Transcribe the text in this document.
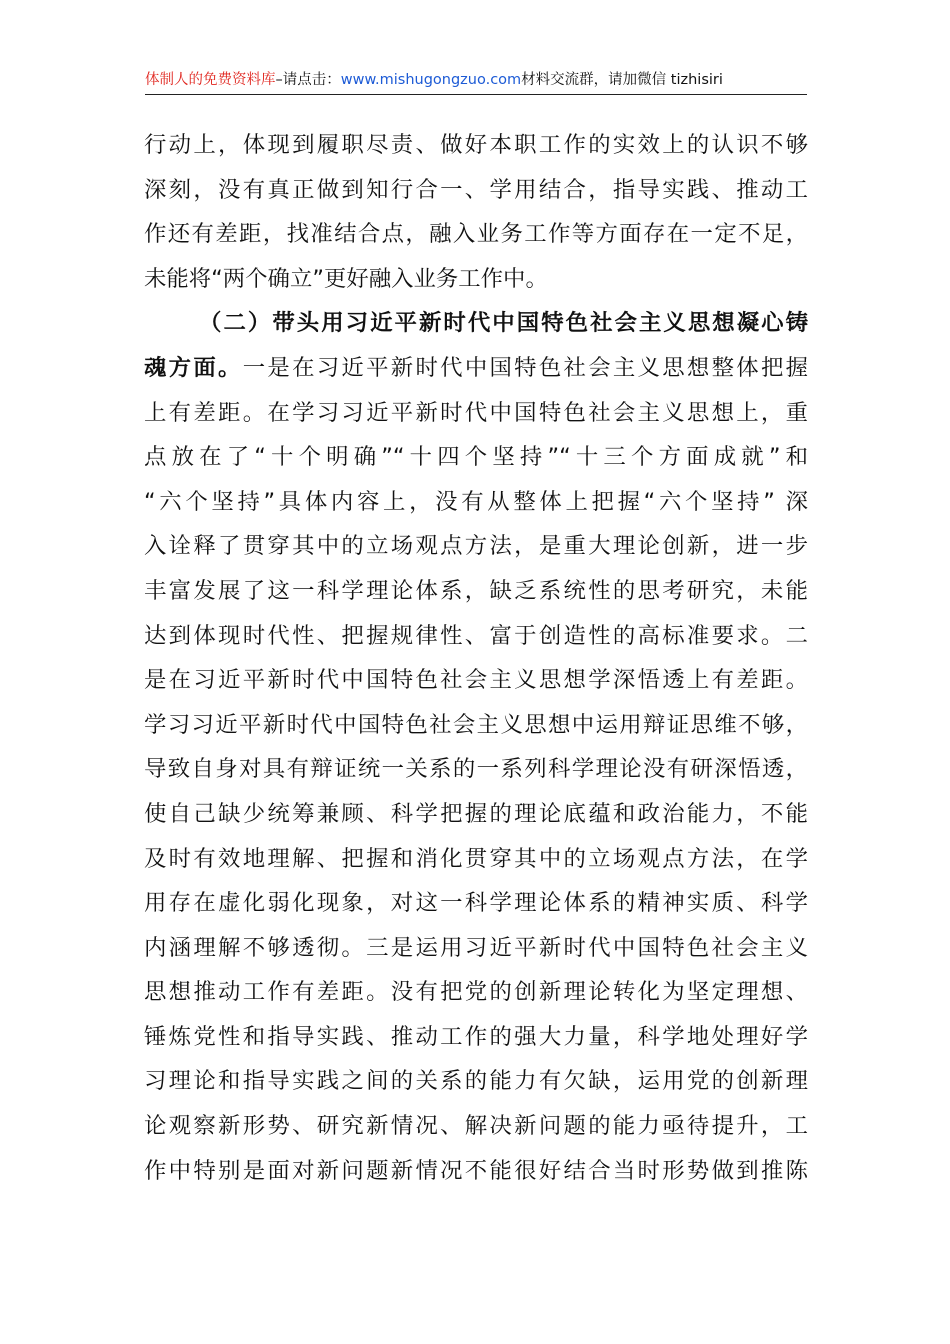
体制人的免费资料库–请点击：www.mishugongzuo.com材料交流群，请加微信 tizhisiri
行动上，体现到履职尽责、做好本职工作的实效上的认识不够
深刻，没有真正做到知行合一、学用结合，指导实践、推动工
作还有差距，找准结合点，融入业务工作等方面存在一定不足，
未能将“两个确立”更好融入业务工作中。
（二）带头用习近平新时代中国特色社会主义思想凝心铸
魂方面。一是在习近平新时代中国特色社会主义思想整体把握
上有差距。在学习习近平新时代中国特色社会主义思想上，重
点放在了“十个明确”“十四个坚持”“十三个方面成就”和
“六个坚持”具体内容上，没有从整体上把握“六个坚持” 深
入诠释了贯穿其中的立场观点方法，是重大理论创新，进一步
丰富发展了这一科学理论体系，缺乏系统性的思考研究，未能
达到体现时代性、把握规律性、富于创造性的高标准要求。二
是在习近平新时代中国特色社会主义思想学深悟透上有差距。
学习习近平新时代中国特色社会主义思想中运用辩证思维不够，
导致自身对具有辩证统一关系的一系列科学理论没有研深悟透，
使自己缺少统筹兼顾、科学把握的理论底蕴和政治能力，不能
及时有效地理解、把握和消化贯穿其中的立场观点方法，在学
用存在虚化弱化现象，对这一科学理论体系的精神实质、科学
内涵理解不够透彻。三是运用习近平新时代中国特色社会主义
思想推动工作有差距。没有把党的创新理论转化为坚定理想、
锤炼党性和指导实践、推动工作的强大力量，科学地处理好学
习理论和指导实践之间的关系的能力有欠缺，运用党的创新理
论观察新形势、研究新情况、解决新问题的能力亟待提升，工
作中特别是面对新问题新情况不能很好结合当时形势做到推陈
